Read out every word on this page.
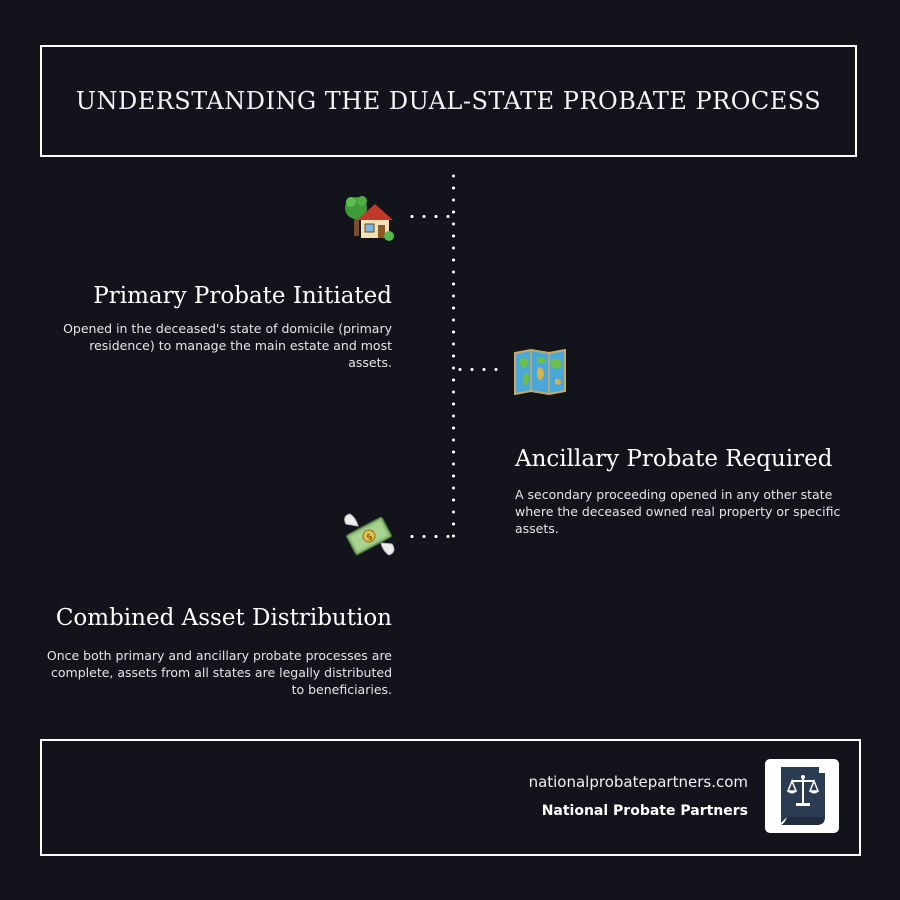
UNDERSTANDING THE DUAL-STATE PROBATE PROCESS
Primary Probate Initiated

Opened in the deceased's state of domicile (primary residence) to manage the main estate and most assets.

Ancillary Probate Required

A secondary proceeding opened in any other state where the deceased owned real property or specific assets.

$
Combined Asset Distribution

Once both primary and ancillary probate processes are complete, assets from all states are legally distributed to beneficiaries.

nationalprobatepartners.com
National Probate Partners
